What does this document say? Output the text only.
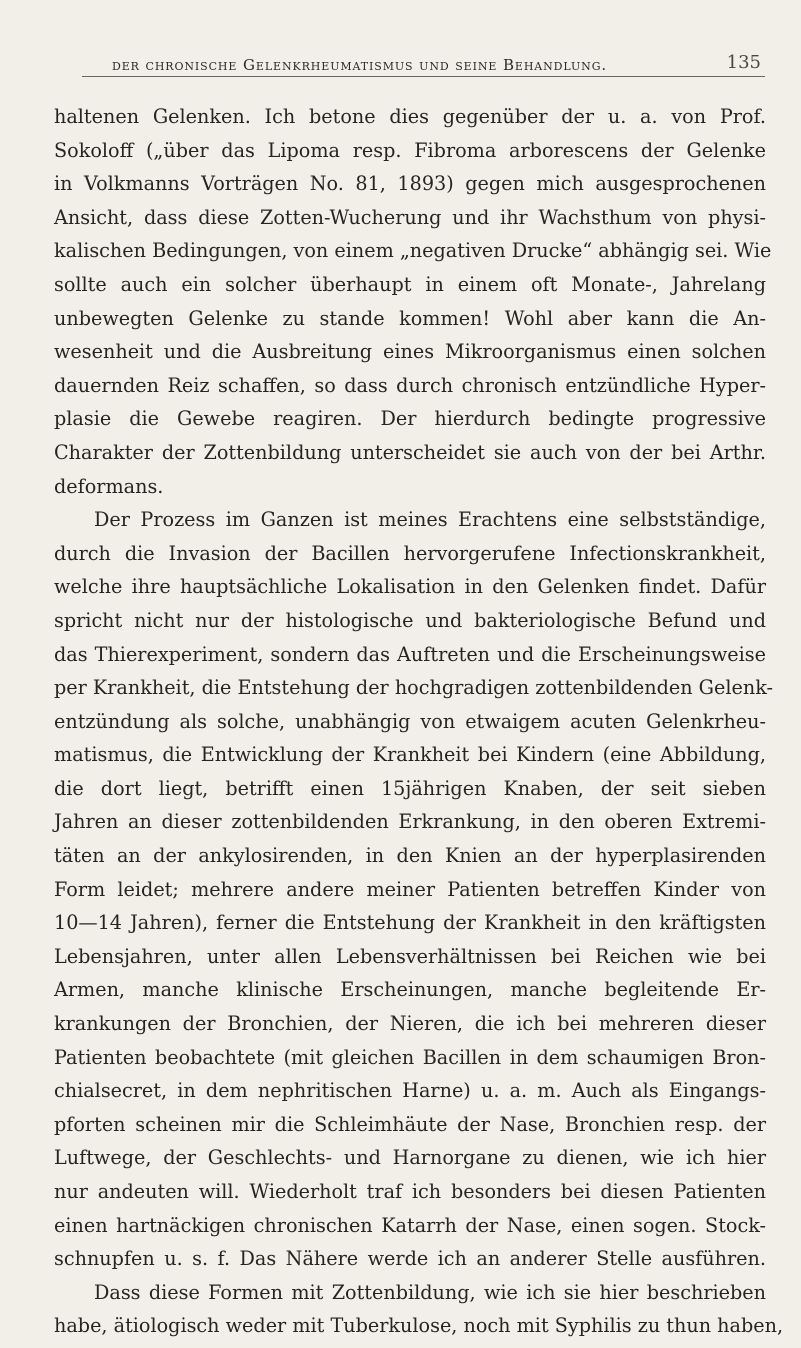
der chronische Gelenkrheumatismus und seine Behandlung.	135
haltenen Gelenken. Ich betone dies gegenüber der u. a. von Prof.
Sokoloff („über das Lipoma resp. Fibroma arborescens der Gelenke
in Volkmanns Vorträgen No. 81, 1893) gegen mich ausgesprochenen
Ansicht, dass diese Zotten-Wucherung und ihr Wachsthum von physi-
kalischen Bedingungen, von einem „negativen Drucke“ abhängig sei. Wie
sollte auch ein solcher überhaupt in einem oft Monate-, Jahrelang
unbewegten Gelenke zu stande kommen! Wohl aber kann die An-
wesenheit und die Ausbreitung eines Mikroorganismus einen solchen
dauernden Reiz schaffen, so dass durch chronisch entzündliche Hyper-
plasie die Gewebe reagiren. Der hierdurch bedingte progressive
Charakter der Zottenbildung unterscheidet sie auch von der bei Arthr.
deformans.
Der Prozess im Ganzen ist meines Erachtens eine selbstständige,
durch die Invasion der Bacillen hervorgerufene Infectionskrankheit,
welche ihre hauptsächliche Lokalisation in den Gelenken findet. Dafür
spricht nicht nur der histologische und bakteriologische Befund und
das Thierexperiment, sondern das Auftreten und die Erscheinungsweise
per Krankheit, die Entstehung der hochgradigen zottenbildenden Gelenk-
entzündung als solche, unabhängig von etwaigem acuten Gelenkrheu-
matismus, die Entwicklung der Krankheit bei Kindern (eine Abbildung,
die dort liegt, betrifft einen 15jährigen Knaben, der seit sieben
Jahren an dieser zottenbildenden Erkrankung, in den oberen Extremi-
täten an der ankylosirenden, in den Knien an der hyperplasirenden
Form leidet; mehrere andere meiner Patienten betreffen Kinder von
10—14 Jahren), ferner die Entstehung der Krankheit in den kräftigsten
Lebensjahren, unter allen Lebensverhältnissen bei Reichen wie bei
Armen, manche klinische Erscheinungen, manche begleitende Er-
krankungen der Bronchien, der Nieren, die ich bei mehreren dieser
Patienten beobachtete (mit gleichen Bacillen in dem schaumigen Bron-
chialsecret, in dem nephritischen Harne) u. a. m. Auch als Eingangs-
pforten scheinen mir die Schleimhäute der Nase, Bronchien resp. der
Luftwege, der Geschlechts- und Harnorgane zu dienen, wie ich hier
nur andeuten will. Wiederholt traf ich besonders bei diesen Patienten
einen hartnäckigen chronischen Katarrh der Nase, einen sogen. Stock-
schnupfen u. s. f. Das Nähere werde ich an anderer Stelle ausführen.
Dass diese Formen mit Zottenbildung, wie ich sie hier beschrieben
habe, ätiologisch weder mit Tuberkulose, noch mit Syphilis zu thun haben,
